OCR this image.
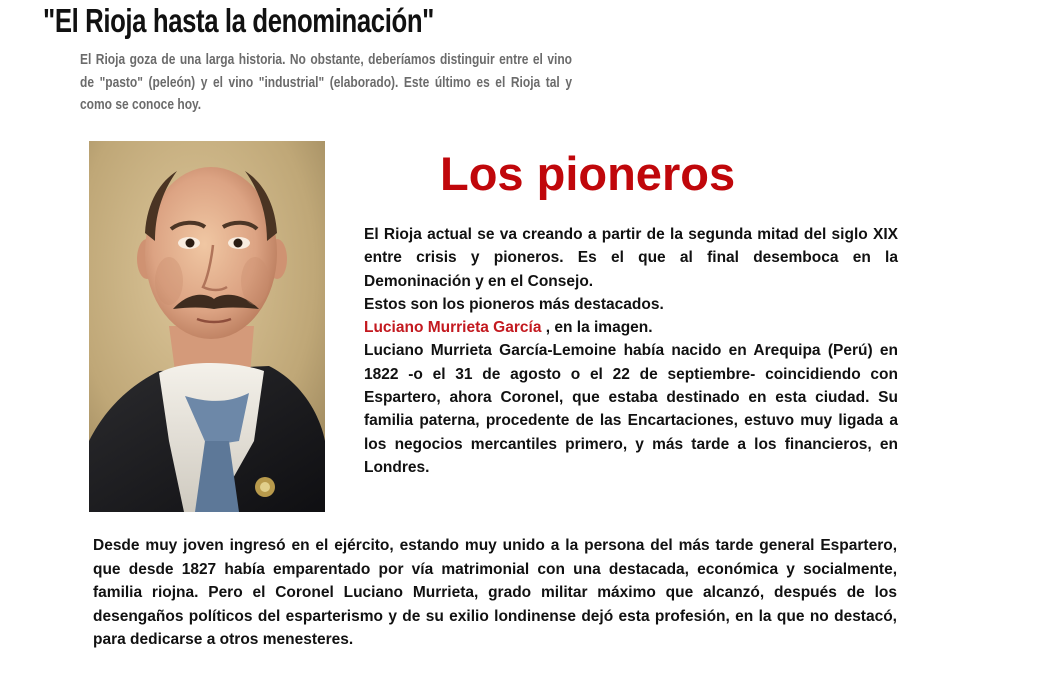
"El Rioja hasta la denominación"

El Rioja goza de una larga historia. No obstante, deberíamos distinguir entre el vino de "pasto" (peleón) y el vino "industrial" (elaborado). Este último es el Rioja tal y como se conoce hoy.

Los pioneros

El Rioja actual se va creando a partir de la segunda mitad del siglo XIX entre crisis y pioneros. Es el que al final desemboca en la Demoninación y en el Consejo.

Estos son los pioneros más destacados.

Luciano Murrieta García , en la imagen.

Luciano Murrieta García-Lemoine había nacido en Arequipa (Perú) en 1822 -o el 31 de agosto o el 22 de septiembre- coincidiendo con Espartero, ahora Coronel, que estaba destinado en esta ciudad. Su familia paterna, procedente de las Encartaciones, estuvo muy ligada a los negocios mercantiles primero, y más tarde a los financieros, en Londres.

Desde muy joven ingresó en el ejército, estando muy unido a la persona del más tarde general Espartero, que desde 1827 había emparentado por vía matrimonial con una destacada, económica y socialmente, familia riojna. Pero el Coronel Luciano Murrieta, grado militar máximo que alcanzó, después de los desengaños políticos del esparterismo y de su exilio londinense dejó esta profesión, en la que no destacó, para dedicarse a otros menesteres.
